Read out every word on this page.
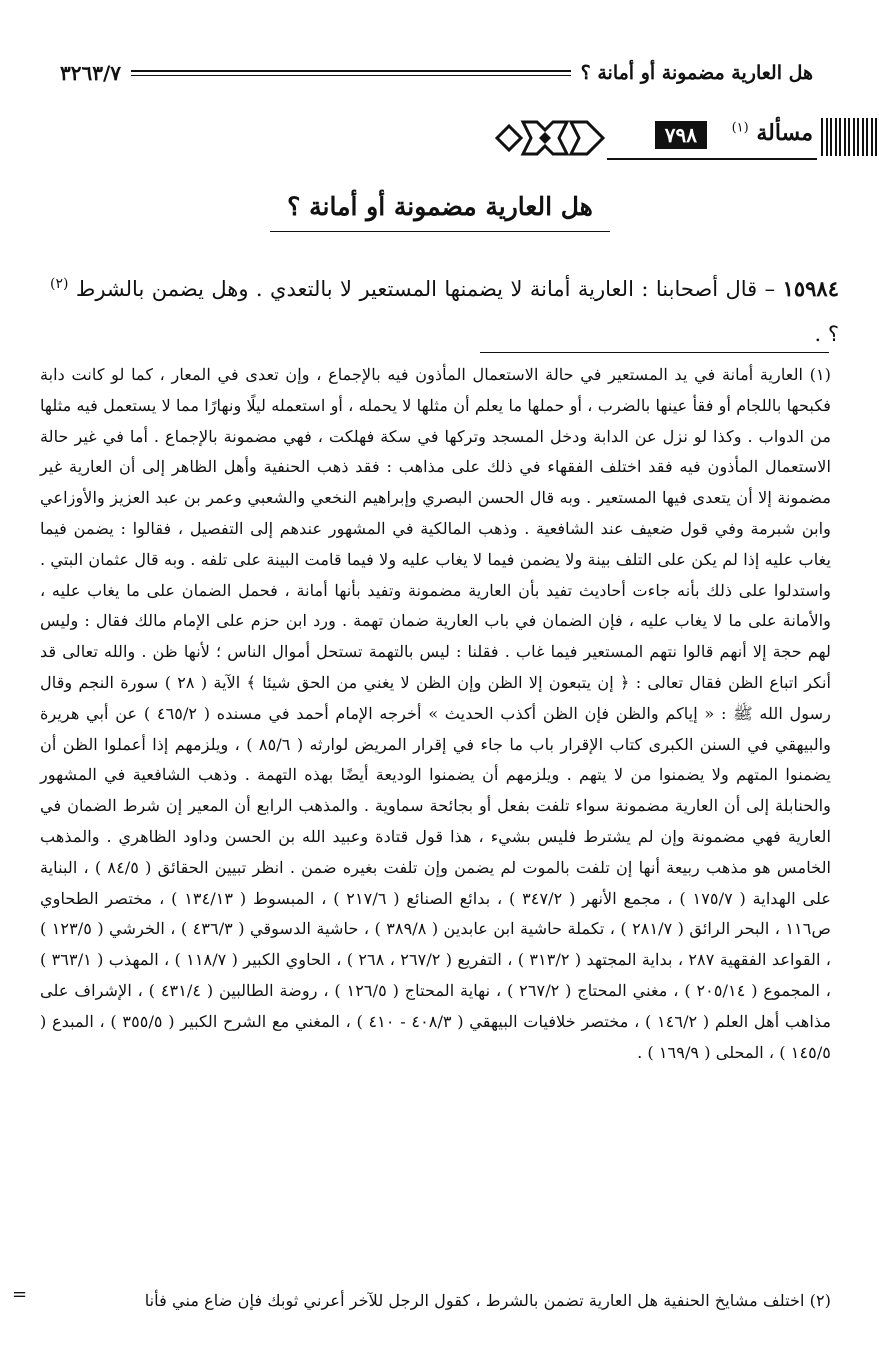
هل العارية مضمونة أو أمانة ؟
٣٢٦٣/٧
مسألة $^{(١)}$
٧٩٨
هل العارية مضمونة أو أمانة ؟
١٥٩٨٤ – قال أصحابنا : العارية أمانة لا يضمنها المستعير لا بالتعدي . وهل يضمن بالشرط $^{(٢)}$ ؟ .

(١) العارية أمانة في يد المستعير في حالة الاستعمال المأذون فيه بالإجماع ، وإن تعدى في المعار ، كما لو كانت دابة فكبحها باللجام أو فقأ عينها بالضرب ، أو حملها ما يعلم أن مثلها لا يحمله ، أو استعمله ليلًا ونهارًا مما لا يستعمل فيه مثلها من الدواب . وكذا لو نزل عن الدابة ودخل المسجد وتركها في سكة فهلكت ، فهي مضمونة بالإجماع . أما في غير حالة الاستعمال المأذون فيه فقد اختلف الفقهاء في ذلك على مذاهب : فقد ذهب الحنفية وأهل الظاهر إلى أن العارية غير مضمونة إلا أن يتعدى فيها المستعير . وبه قال الحسن البصري وإبراهيم النخعي والشعبي وعمر بن عبد العزيز والأوزاعي وابن شبرمة وفي قول ضعيف عند الشافعية . وذهب المالكية في المشهور عندهم إلى التفصيل ، فقالوا : يضمن فيما يغاب عليه إذا لم يكن على التلف بينة ولا يضمن فيما لا يغاب عليه ولا فيما قامت البينة على تلفه . وبه قال عثمان البتي . واستدلوا على ذلك بأنه جاءت أحاديث تفيد بأن العارية مضمونة وتفيد بأنها أمانة ، فحمل الضمان على ما يغاب عليه ، والأمانة على ما لا يغاب عليه ، فإن الضمان في باب العارية ضمان تهمة . ورد ابن حزم على الإمام مالك فقال : وليس لهم حجة إلا أنهم قالوا نتهم المستعير فيما غاب . فقلنا : ليس بالتهمة تستحل أموال الناس ؛ لأنها ظن . والله تعالى قد أنكر اتباع الظن فقال تعالى : ﴿ إن يتبعون إلا الظن وإن الظن لا يغني من الحق شيئا ﴾ الآية ( ٢٨ ) سورة النجم وقال رسول الله ﷺ : « إياكم والظن فإن الظن أكذب الحديث » أخرجه الإمام أحمد في مسنده ( ٤٦٥/٢ ) عن أبي هريرة والبيهقي في السنن الكبرى كتاب الإقرار باب ما جاء في إقرار المريض لوارثه ( ٨٥/٦ ) ، ويلزمهم إذا أعملوا الظن أن يضمنوا المتهم ولا يضمنوا من لا يتهم . ويلزمهم أن يضمنوا الوديعة أيضًا بهذه التهمة . وذهب الشافعية في المشهور والحنابلة إلى أن العارية مضمونة سواء تلفت بفعل أو بجائحة سماوية . والمذهب الرابع أن المعير إن شرط الضمان في العارية فهي مضمونة وإن لم يشترط فليس بشيء ، هذا قول قتادة وعبيد الله بن الحسن وداود الظاهري . والمذهب الخامس هو مذهب ربيعة أنها إن تلفت بالموت لم يضمن وإن تلفت بغيره ضمن . انظر تبيين الحقائق ( ٨٤/٥ ) ، البناية على الهداية ( ١٧٥/٧ ) ، مجمع الأنهر ( ٣٤٧/٢ ) ، بدائع الصنائع ( ٢١٧/٦ ) ، المبسوط ( ١٣٤/١٣ ) ، مختصر الطحاوي ص١١٦ ، البحر الرائق ( ٢٨١/٧ ) ، تكملة حاشية ابن عابدين ( ٣٨٩/٨ ) ، حاشية الدسوقي ( ٤٣٦/٣ ) ، الخرشي ( ١٢٣/٥ ) ، القواعد الفقهية ٢٨٧ ، بداية المجتهد ( ٣١٣/٢ ) ، التفريع ( ٢٦٧/٢ ، ٢٦٨ ) ، الحاوي الكبير ( ١١٨/٧ ) ، المهذب ( ٣٦٣/١ ) ، المجموع ( ٢٠٥/١٤ ) ، مغني المحتاج ( ٢٦٧/٢ ) ، نهاية المحتاج ( ١٢٦/٥ ) ، روضة الطالبين ( ٤٣١/٤ ) ، الإشراف على مذاهب أهل العلم ( ١٤٦/٢ ) ، مختصر خلافيات البيهقي ( ٤٠٨/٣ - ٤١٠ ) ، المغني مع الشرح الكبير ( ٣٥٥/٥ ) ، المبدع ( ١٤٥/٥ ) ، المحلى ( ١٦٩/٩ ) .

(٢) اختلف مشايخ الحنفية هل العارية تضمن بالشرط ، كقول الرجل للآخر أعرني ثوبك فإن ضاع مني فأنا
=
